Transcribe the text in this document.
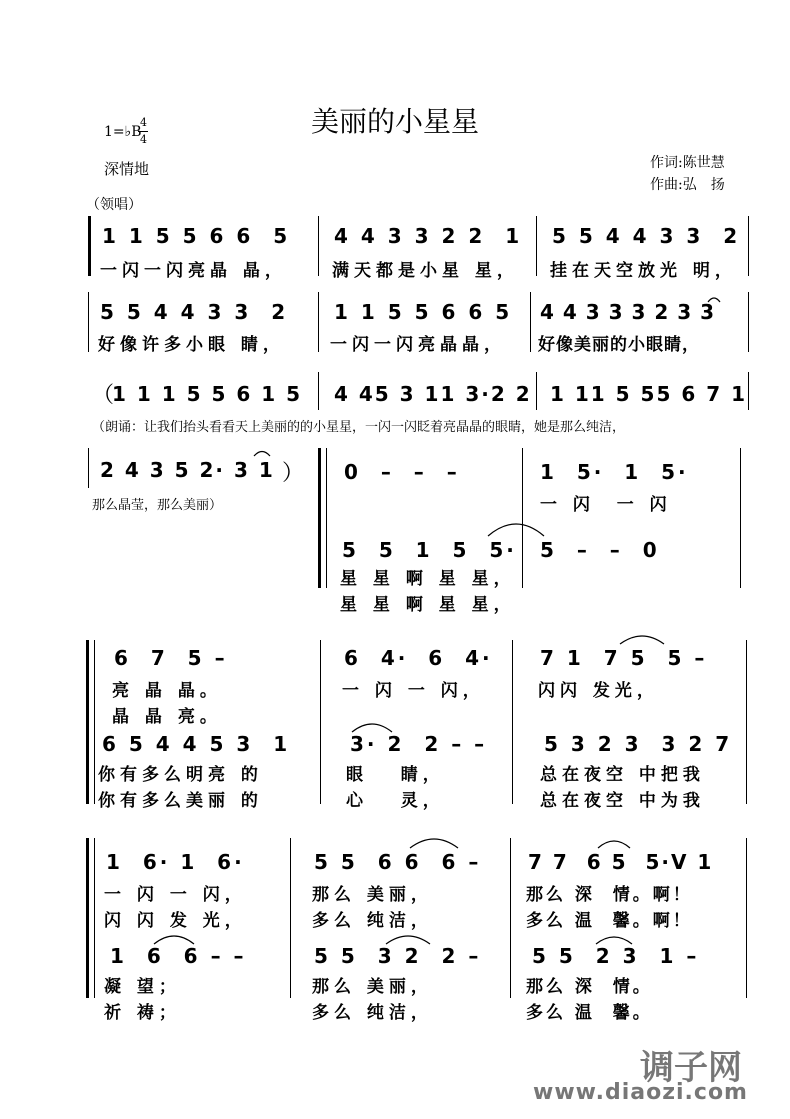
美丽的小星星
1=♭B
4
4
深情地	作词:陈世慧
作曲:弘　扬
（领唱）
1 1 5 5 6 6  5
一闪一闪亮晶 晶，
4 4 3 3 2 2  1
满天都是小星 星，
5 5 4 4 3 3  2
挂在天空放光 明，
5 5 4 4 3 3  2
好像许多小眼 睛，
1 1 5 5 6 6 5
一闪一闪亮晶晶，
4 4 3 3 3 2 3 3
好像美丽的小眼睛，
（
1 1 1 5 5 6 1 5 4 45 3 11 3·2 2 1 11 5 55 6 7 1
（朗诵：让我们抬头看看天上美丽的的小星星，一闪一闪眨着亮晶晶的眼睛，她是那么纯洁，
2 4 3 5 2· 3 1 ）
那么晶莹，那么美丽）
0  –  –  –	1  5·  1  5·
一 闪  一 闪
5  5  1  5  5·
星 星 啊 星 星，
星 星 啊 星 星，
5  –  –  0
6  7  5 –
亮 晶 晶。
晶 晶 亮。
6  4·  6  4·
一 闪 一 闪，
7 1  7 5  5 –
闪闪 发光，
6 5 4 4 5 3  1
你有多么明亮 的
你有多么美丽 的
3· 2  2 – –
眼   睛，
心   灵，
5 3 2 3  3 2 7
总在夜空 中把我
总在夜空 中为我
1  6· 1  6·
一 闪 一 闪，
闪 闪 发 光，
5 5  6 6  6 –
那么 美丽，
多么 纯洁，
7 7  6 5  5·V 1
那么 深  情。啊！
多么 温  馨。啊！
1  6  6 – –
凝 望；
祈 祷；
5 5  3 2  2 –
那么 美丽，
多么 纯洁，
5 5  2 3  1 –
那么 深  情。
多么 温  馨。
调子网
www.diaozi.com
